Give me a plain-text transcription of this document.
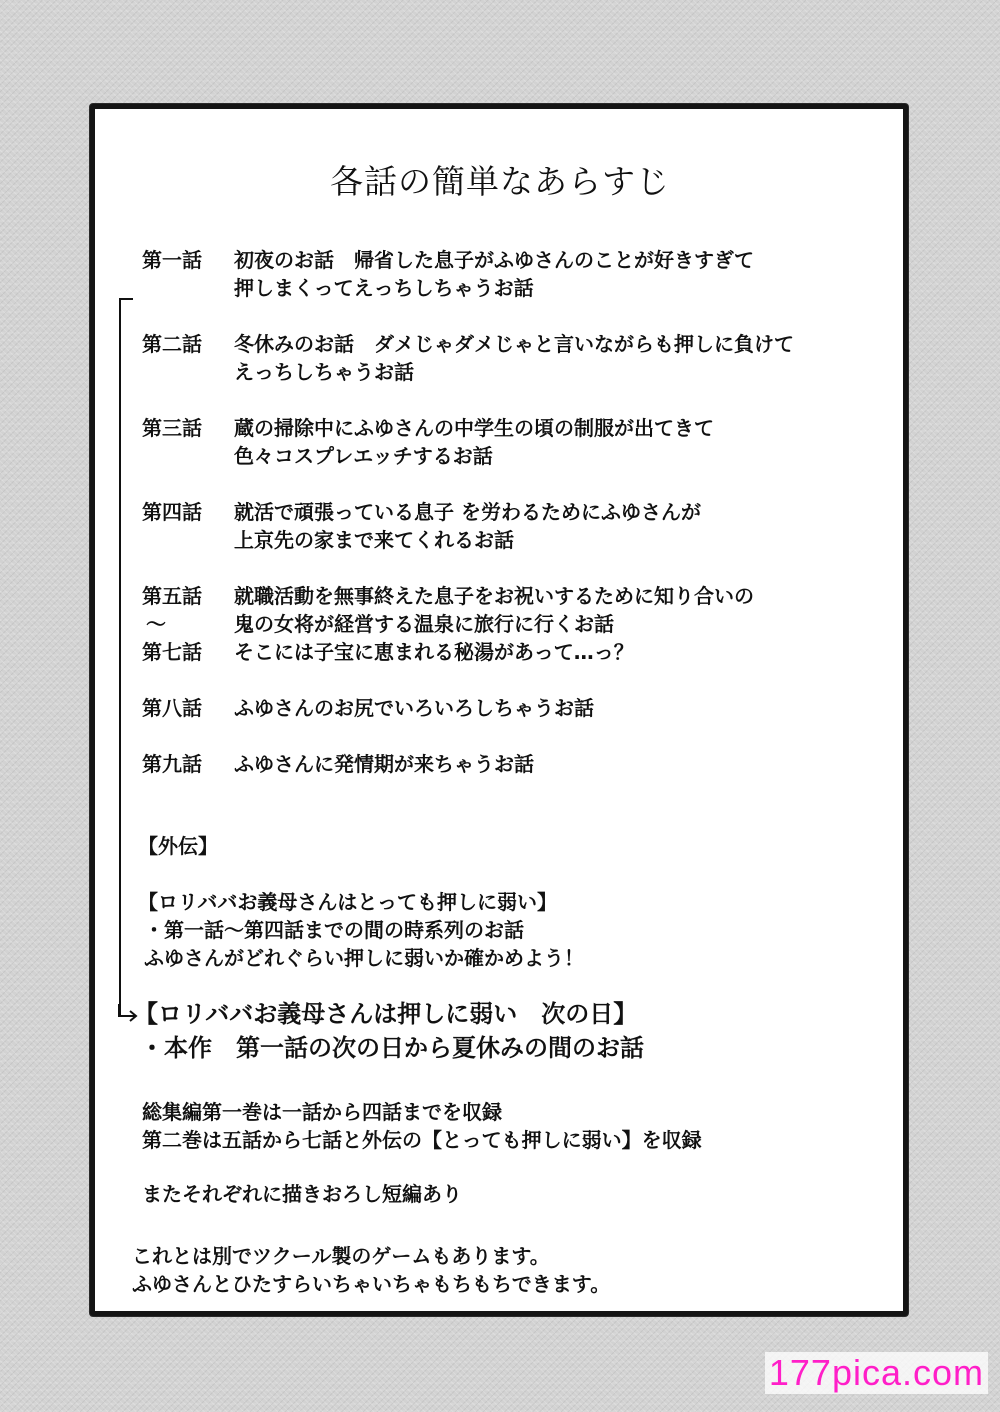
各話の簡単なあらすじ
第一話 初夜のお話　帰省した息子がふゆさんのことが好きすぎて
押しまくってえっちしちゃうお話
第二話 冬休みのお話　ダメじゃダメじゃと言いながらも押しに負けて
えっちしちゃうお話
第三話 蔵の掃除中にふゆさんの中学生の頃の制服が出てきて
色々コスプレエッチするお話
第四話 就活で頑張っている息子 を労わるためにふゆさんが
上京先の家まで来てくれるお話
第五話 就職活動を無事終えた息子をお祝いするために知り合いの
～	鬼の女将が経営する温泉に旅行に行くお話
第七話 そこには子宝に恵まれる秘湯があって…っ？
第八話 ふゆさんのお尻でいろいろしちゃうお話
第九話 ふゆさんに発情期が来ちゃうお話
【外伝】
【ロリババお義母さんはとっても押しに弱い】
・第一話～第四話までの間の時系列のお話
ふゆさんがどれぐらい押しに弱いか確かめよう！
【ロリババお義母さんは押しに弱い　次の日】
・本作　第一話の次の日から夏休みの間のお話
総集編第一巻は一話から四話までを収録
第二巻は五話から七話と外伝の【とっても押しに弱い】を収録
またそれぞれに描きおろし短編あり
これとは別でツクール製のゲームもあります。
ふゆさんとひたすらいちゃいちゃもちもちできます。
177pica.com
